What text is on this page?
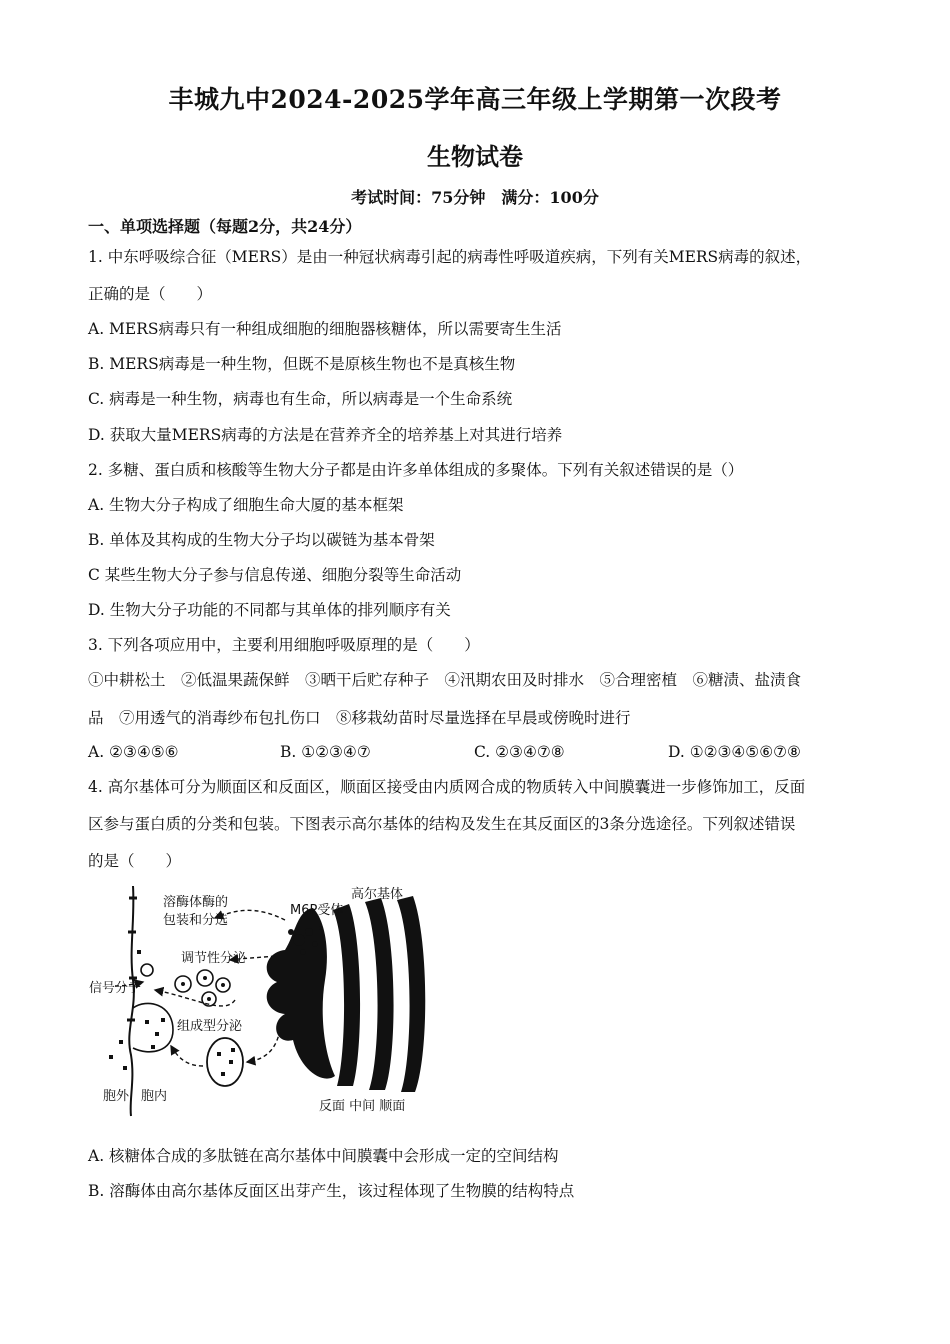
丰城九中2024-2025学年高三年级上学期第一次段考
生物试卷
考试时间：75分钟　满分：100分
一、单项选择题（每题2分，共24分）
1. 中东呼吸综合征（MERS）是由一种冠状病毒引起的病毒性呼吸道疾病，下列有关MERS病毒的叙述，
正确的是（　　）
A. MERS病毒只有一种组成细胞的细胞器核糖体，所以需要寄生生活
B. MERS病毒是一种生物，但既不是原核生物也不是真核生物
C. 病毒是一种生物，病毒也有生命，所以病毒是一个生命系统
D. 获取大量MERS病毒的方法是在营养齐全的培养基上对其进行培养
2. 多糖、蛋白质和核酸等生物大分子都是由许多单体组成的多聚体。下列有关叙述错误的是（）
A. 生物大分子构成了细胞生命大厦的基本框架
B. 单体及其构成的生物大分子均以碳链为基本骨架
C 某些生物大分子参与信息传递、细胞分裂等生命活动
D. 生物大分子功能的不同都与其单体的排列顺序有关
3. 下列各项应用中，主要利用细胞呼吸原理的是（　　）
①中耕松土　②低温果蔬保鲜　③晒干后贮存种子　④汛期农田及时排水　⑤合理密植　⑥糖渍、盐渍食
品　⑦用透气的消毒纱布包扎伤口　⑧移栽幼苗时尽量选择在早晨或傍晚时进行
A. ②③④⑤⑥	B. ①②③④⑦	C. ②③④⑦⑧	D. ①②③④⑤⑥⑦⑧
4. 高尔基体可分为顺面区和反面区，顺面区接受由内质网合成的物质转入中间膜囊进一步修饰加工，反面
区参与蛋白质的分类和包装。下图表示高尔基体的结构及发生在其反面区的3条分选途径。下列叙述错误
的是（　　）
溶酶体酶的
包装和分选
M6P受体
高尔基体
调节性分泌
信号分子
组成型分泌
胞外 胞内
反面 中间 顺面
A. 核糖体合成的多肽链在高尔基体中间膜囊中会形成一定的空间结构
B. 溶酶体由高尔基体反面区出芽产生，该过程体现了生物膜的结构特点
